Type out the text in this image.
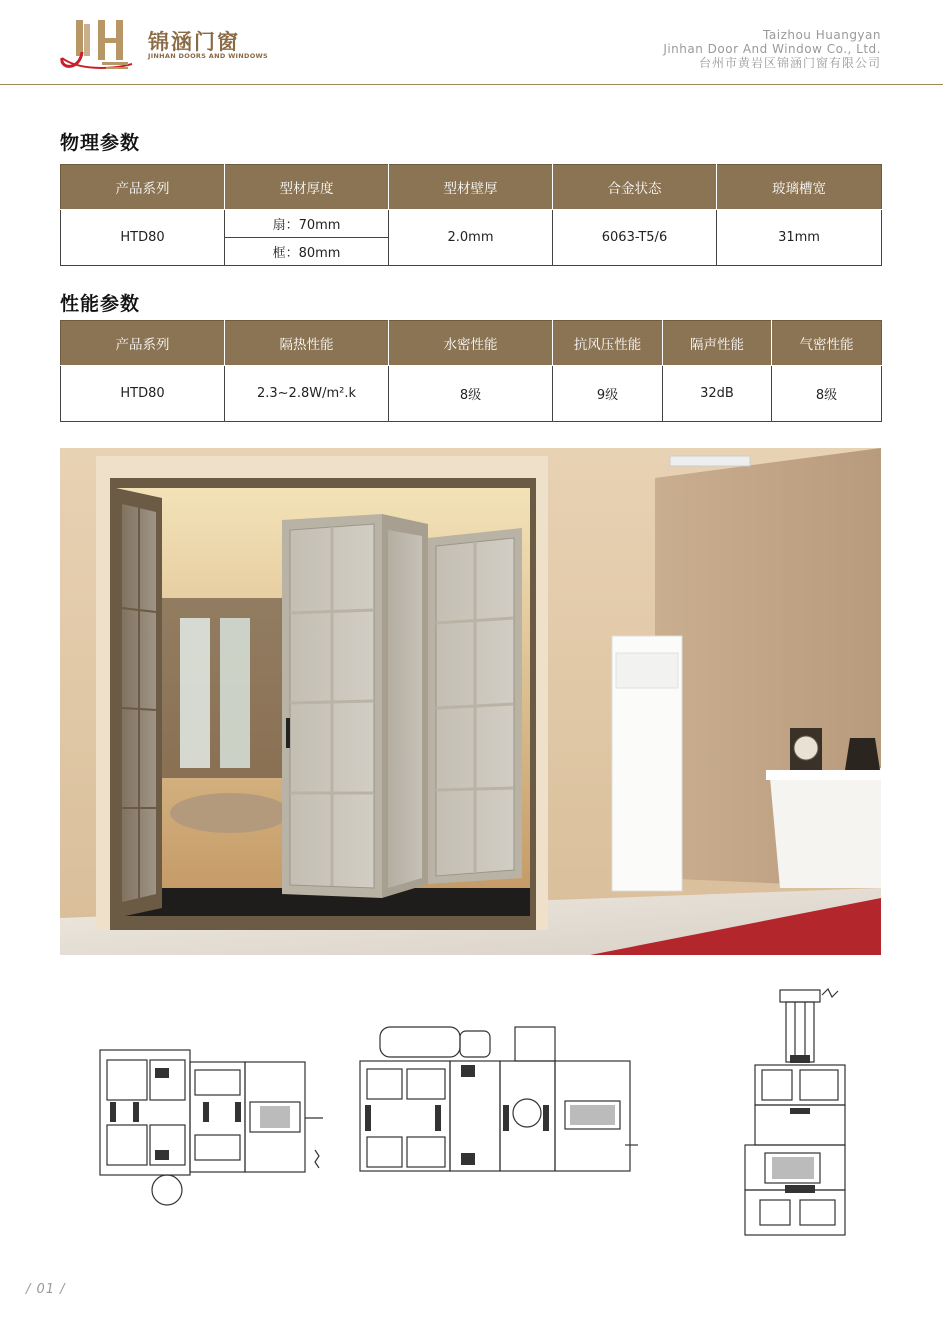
锦涵门窗
JINHAN DOORS AND WINDOWS
Taizhou Huangyan
Jinhan Door And Window Co., Ltd.
台州市黄岩区锦涵门窗有限公司
物理参数
产品系列	型材厚度	型材壁厚	合金状态	玻璃槽宽
HTD80	扇：70mm	2.0mm	6063-T5/6	31mm
	框：80mm			
性能参数
产品系列	隔热性能	水密性能	抗风压性能	隔声性能	气密性能
HTD80	2.3~2.8W/m².k	8级	9级	32dB	8级
/ 01 /
